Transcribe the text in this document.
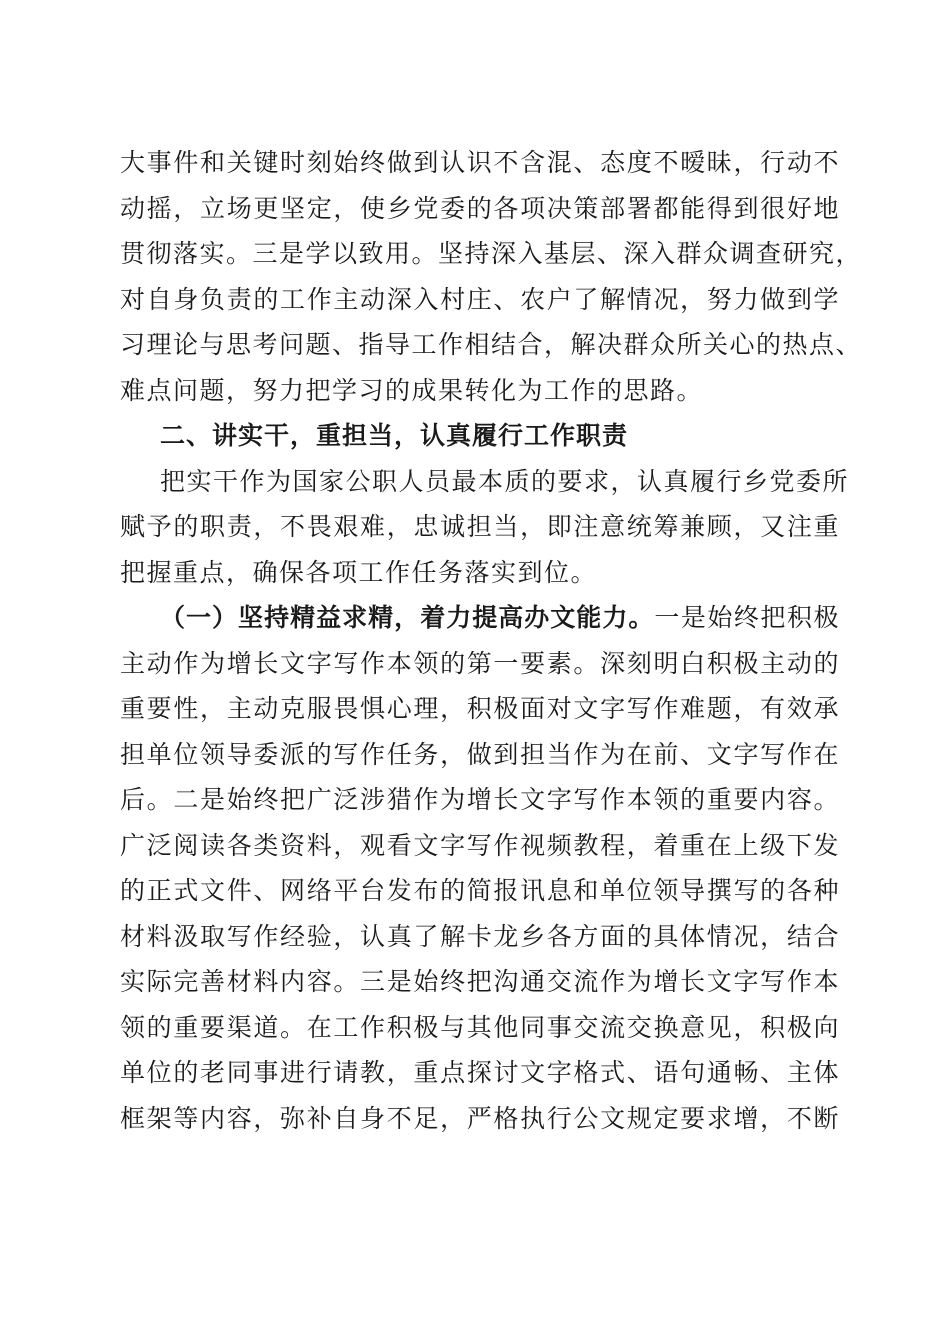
大事件和关键时刻始终做到认识不含混、态度不暧昧，行动不
动摇，立场更坚定，使乡党委的各项决策部署都能得到很好地
贯彻落实。三是学以致用。坚持深入基层、深入群众调查研究，
对自身负责的工作主动深入村庄、农户了解情况，努力做到学
习理论与思考问题、指导工作相结合，解决群众所关心的热点、
难点问题，努力把学习的成果转化为工作的思路。
二、讲实干，重担当，认真履行工作职责
把实干作为国家公职人员最本质的要求，认真履行乡党委所
赋予的职责，不畏艰难，忠诚担当，即注意统筹兼顾，又注重
把握重点，确保各项工作任务落实到位。
（一）坚持精益求精，着力提高办文能力。一是始终把积极
主动作为增长文字写作本领的第一要素。深刻明白积极主动的
重要性，主动克服畏惧心理，积极面对文字写作难题，有效承
担单位领导委派的写作任务，做到担当作为在前、文字写作在
后。二是始终把广泛涉猎作为增长文字写作本领的重要内容。
广泛阅读各类资料，观看文字写作视频教程，着重在上级下发
的正式文件、网络平台发布的简报讯息和单位领导撰写的各种
材料汲取写作经验，认真了解卡龙乡各方面的具体情况，结合
实际完善材料内容。三是始终把沟通交流作为增长文字写作本
领的重要渠道。在工作积极与其他同事交流交换意见，积极向
单位的老同事进行请教，重点探讨文字格式、语句通畅、主体
框架等内容，弥补自身不足，严格执行公文规定要求增，不断
